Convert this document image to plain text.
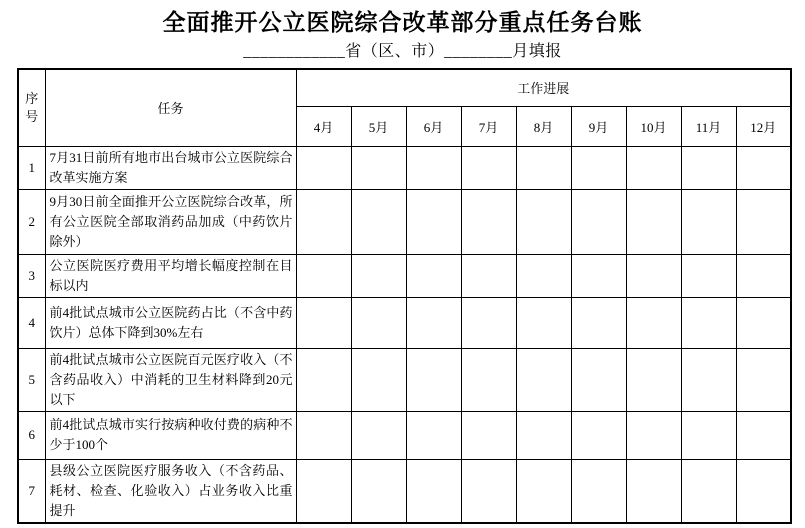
全面推开公立医院综合改革部分重点任务台账
____________省（区、市）________月填报
序号	任务	工作进展								
		4月	5月	6月	7月	8月	9月	10月	11月	12月
1	7月31日前所有地市出台城市公立医院综合改革实施方案									
2	9月30日前全面推开公立医院综合改革，所有公立医院全部取消药品加成（中药饮片除外）									
3	公立医院医疗费用平均增长幅度控制在目标以内									
4	前4批试点城市公立医院药占比（不含中药饮片）总体下降到30%左右									
5	前4批试点城市公立医院百元医疗收入（不含药品收入）中消耗的卫生材料降到20元以下									
6	前4批试点城市实行按病种收付费的病种不少于100个									
7	县级公立医院医疗服务收入（不含药品、耗材、检查、化验收入）占业务收入比重提升									
